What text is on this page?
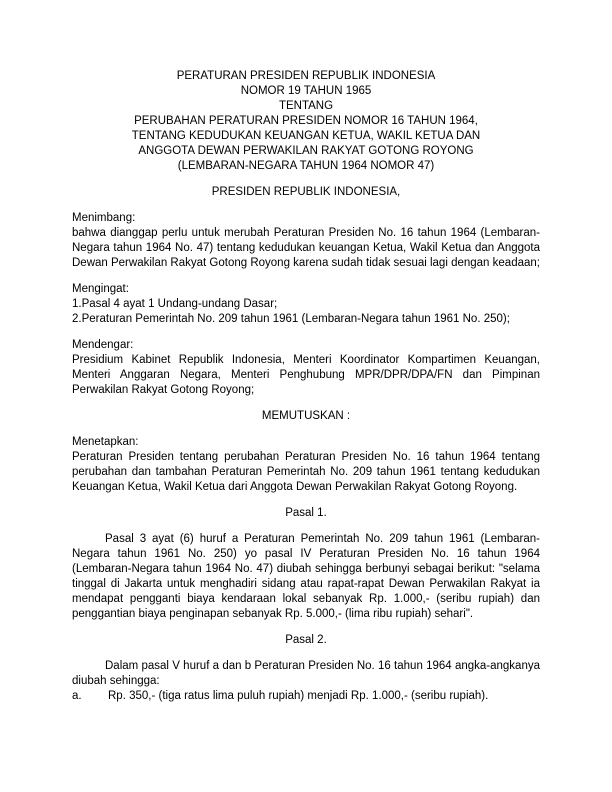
PERATURAN PRESIDEN REPUBLIK INDONESIA
NOMOR 19 TAHUN 1965
TENTANG
PERUBAHAN PERATURAN PRESIDEN NOMOR 16 TAHUN 1964,
TENTANG KEDUDUKAN KEUANGAN KETUA, WAKIL KETUA DAN
ANGGOTA DEWAN PERWAKILAN RAKYAT GOTONG ROYONG
(LEMBARAN-NEGARA TAHUN 1964 NOMOR 47)
PRESIDEN REPUBLIK INDONESIA,
Menimbang:
bahwa dianggap perlu untuk merubah Peraturan Presiden No. 16 tahun 1964 (Lembaran-Negara tahun 1964 No. 47) tentang kedudukan keuangan Ketua, Wakil Ketua dan Anggota Dewan Perwakilan Rakyat Gotong Royong karena sudah tidak sesuai lagi dengan keadaan;
Mengingat:
1.Pasal 4 ayat 1 Undang-undang Dasar;
2.Peraturan Pemerintah No. 209 tahun 1961 (Lembaran-Negara tahun 1961 No. 250);
Mendengar:
Presidium Kabinet Republik Indonesia, Menteri Koordinator Kompartimen Keuangan, Menteri Anggaran Negara, Menteri Penghubung MPR/DPR/DPA/FN dan Pimpinan Perwakilan Rakyat Gotong Royong;
MEMUTUSKAN :
Menetapkan:
Peraturan Presiden tentang perubahan Peraturan Presiden No. 16 tahun 1964 tentang perubahan dan tambahan Peraturan Pemerintah No. 209 tahun 1961 tentang kedudukan Keuangan Ketua, Wakil Ketua dari Anggota Dewan Perwakilan Rakyat Gotong Royong.
Pasal 1.
Pasal 3 ayat (6) huruf a Peraturan Pemerintah No. 209 tahun 1961 (Lembaran-Negara tahun 1961 No. 250) yo pasal IV Peraturan Presiden No. 16 tahun 1964 (Lembaran-Negara tahun 1964 No. 47) diubah sehingga berbunyi sebagai berikut: "selama tinggal di Jakarta untuk menghadiri sidang atau rapat-rapat Dewan Perwakilan Rakyat ia mendapat pengganti biaya kendaraan lokal sebanyak Rp. 1.000,- (seribu rupiah) dan penggantian biaya penginapan sebanyak Rp. 5.000,- (lima ribu rupiah) sehari".
Pasal 2.
Dalam pasal V huruf a dan b Peraturan Presiden No. 16 tahun 1964 angka-angkanya diubah sehingga:
a.	Rp. 350,- (tiga ratus lima puluh rupiah) menjadi Rp. 1.000,- (seribu rupiah).
